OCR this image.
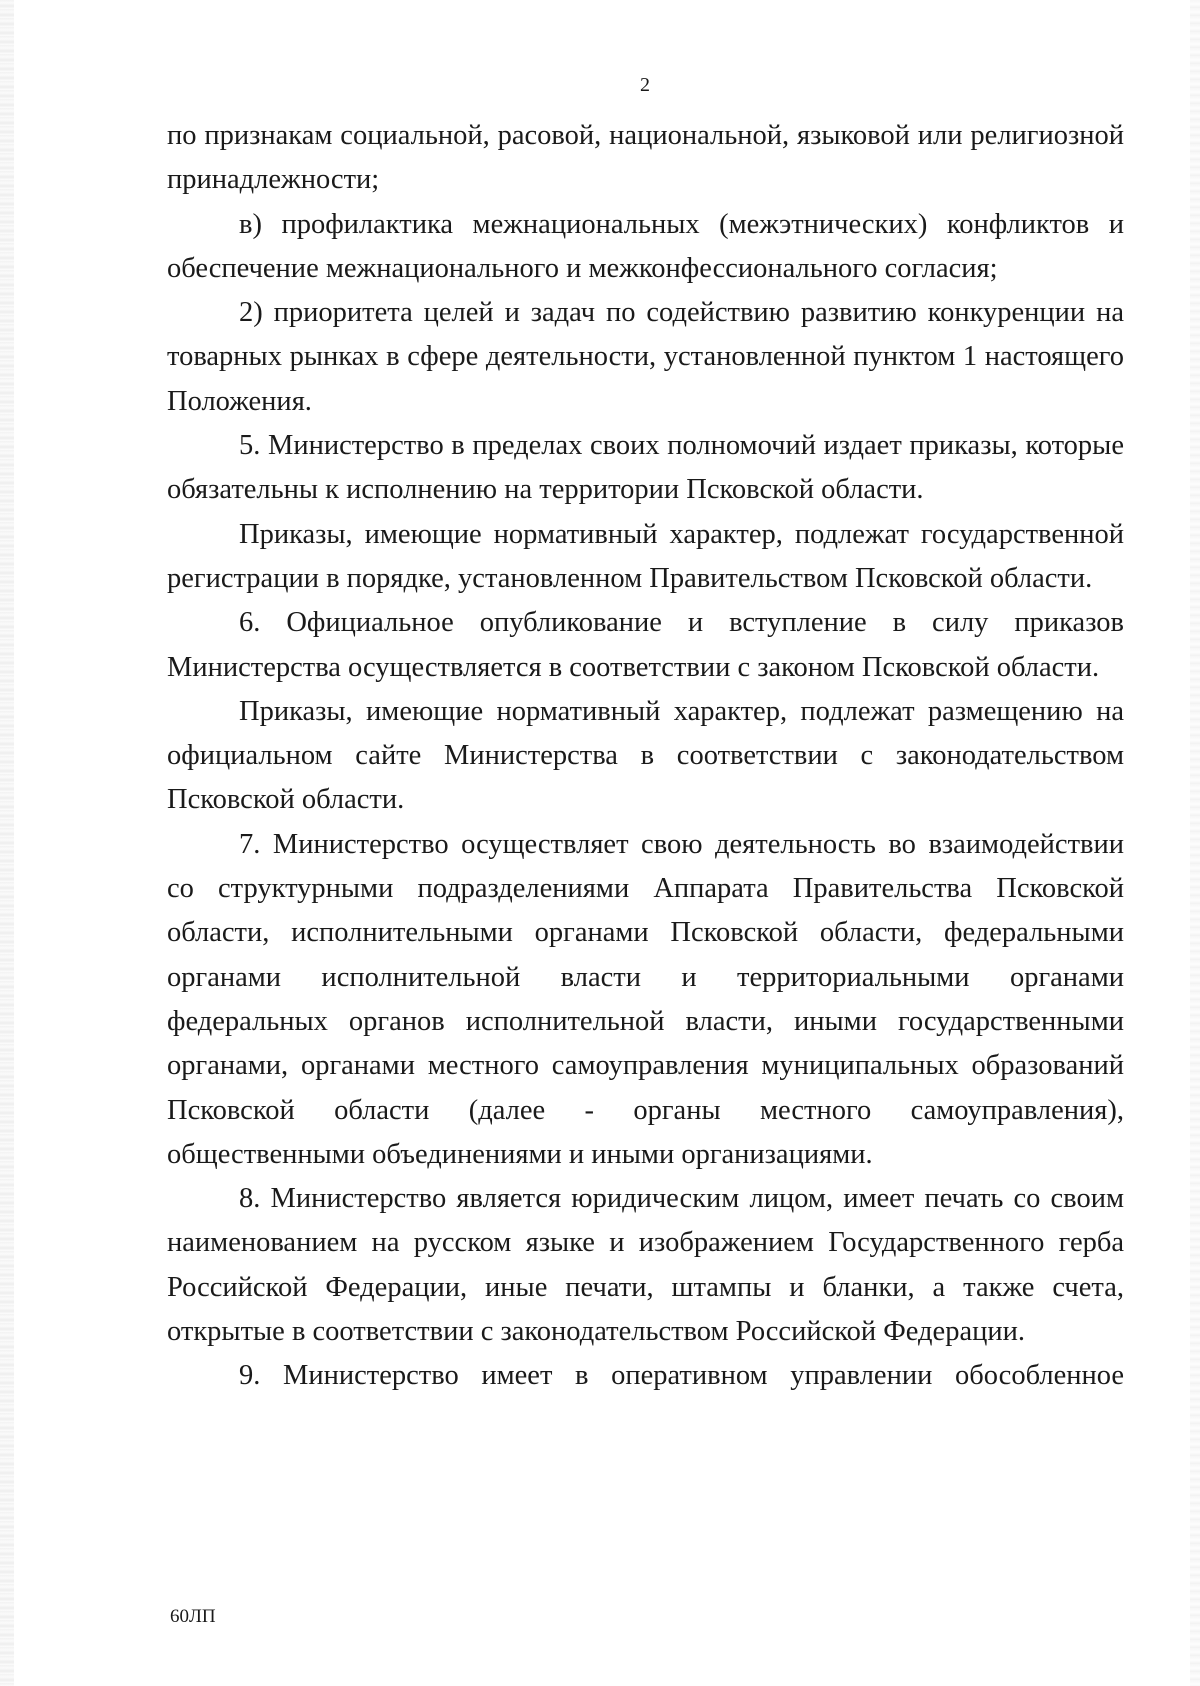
2

по признакам социальной, расовой, национальной, языковой или религиозной принадлежности;

в) профилактика межнациональных (межэтнических) конфликтов и обеспечение межнационального и межконфессионального согласия;

2) приоритета целей и задач по содействию развитию конкуренции на товарных рынках в сфере деятельности, установленной пунктом 1 настоящего Положения.

5. Министерство в пределах своих полномочий издает приказы, которые обязательны к исполнению на территории Псковской области.

Приказы, имеющие нормативный характер, подлежат государственной регистрации в порядке, установленном Правительством Псковской области.

6. Официальное опубликование и вступление в силу приказов Министерства осуществляется в соответствии с законом Псковской области.

Приказы, имеющие нормативный характер, подлежат размещению на официальном сайте Министерства в соответствии с законодательством Псковской области.

7. Министерство осуществляет свою деятельность во взаимодействии со структурными подразделениями Аппарата Правительства Псковской области, исполнительными органами Псковской области, федеральными органами исполнительной власти и территориальными органами федеральных органов исполнительной власти, иными государственными органами, органами местного самоуправления муниципальных образований Псковской области (далее - органы местного самоуправления), общественными объединениями и иными организациями.

8. Министерство является юридическим лицом, имеет печать со своим наименованием на русском языке и изображением Государственного герба Российской Федерации, иные печати, штампы и бланки, а также счета, открытые в соответствии с законодательством Российской Федерации.

9. Министерство имеет в оперативном управлении обособленное

60ЛП
